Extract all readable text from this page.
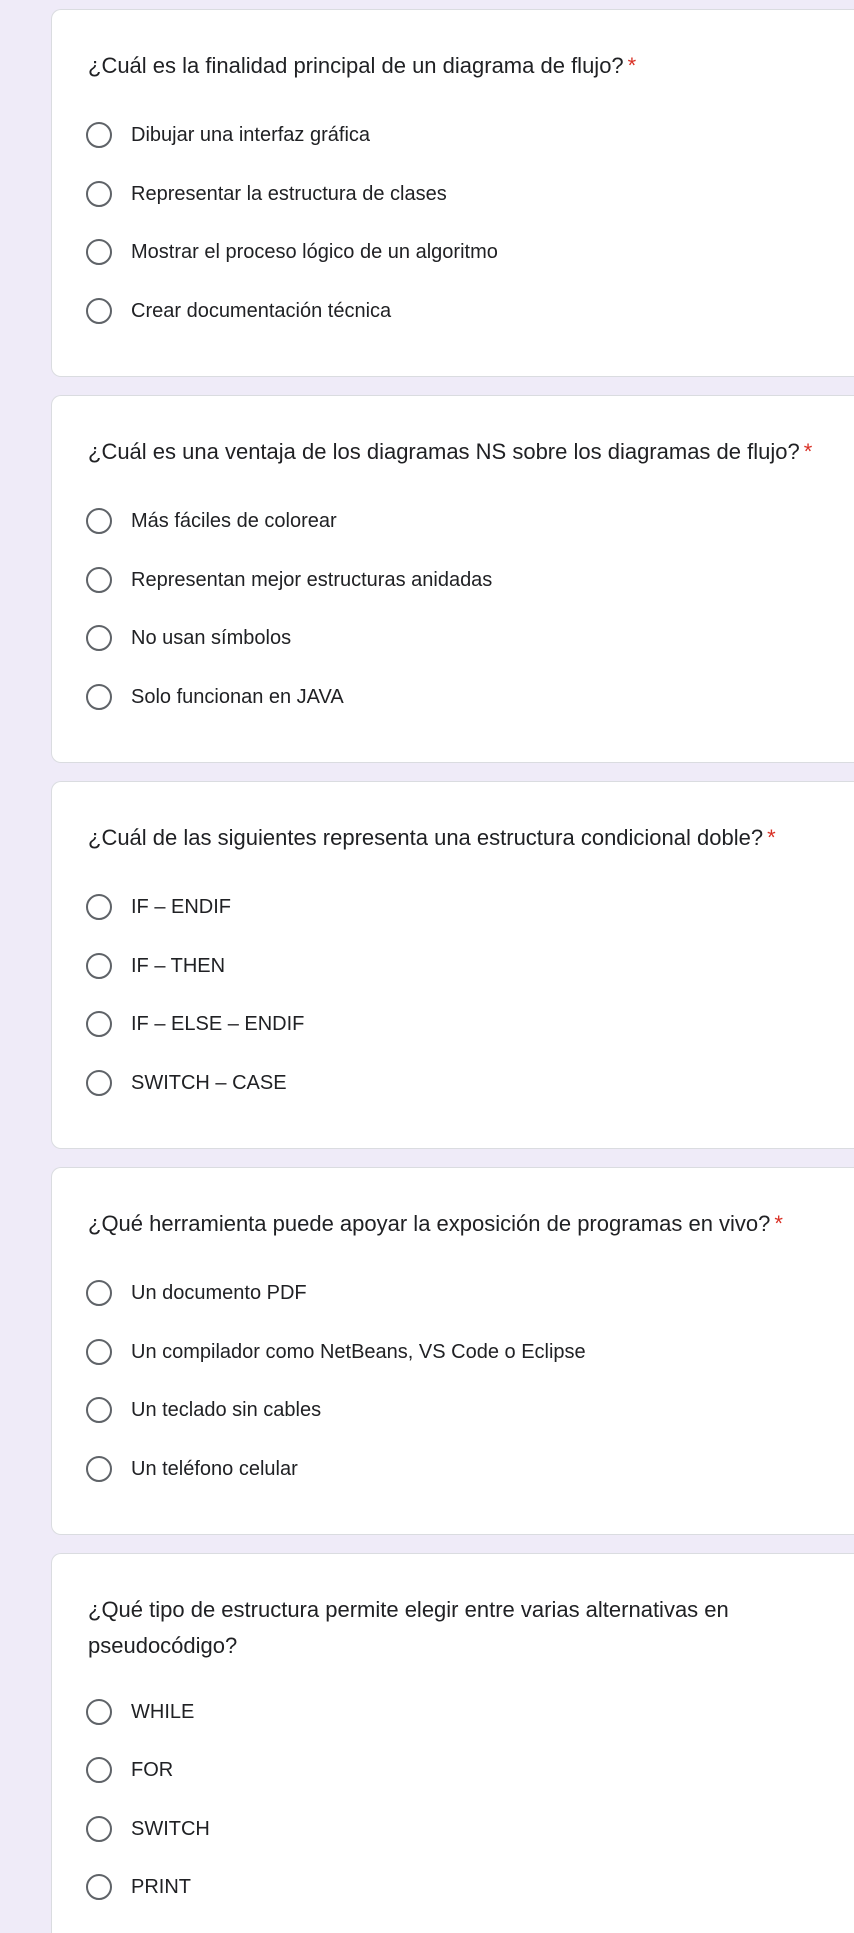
¿Cuál es la finalidad principal de un diagrama de flujo? *
Dibujar una interfaz gráfica
Representar la estructura de clases
Mostrar el proceso lógico de un algoritmo
Crear documentación técnica
¿Cuál es una ventaja de los diagramas NS sobre los diagramas de flujo? *
Más fáciles de colorear
Representan mejor estructuras anidadas
No usan símbolos
Solo funcionan en JAVA
¿Cuál de las siguientes representa una estructura condicional doble? *
IF – ENDIF
IF – THEN
IF – ELSE – ENDIF
SWITCH – CASE
¿Qué herramienta puede apoyar la exposición de programas en vivo? *
Un documento PDF
Un compilador como NetBeans, VS Code o Eclipse
Un teclado sin cables
Un teléfono celular
¿Qué tipo de estructura permite elegir entre varias alternativas en pseudocódigo?
WHILE
FOR
SWITCH
PRINT
